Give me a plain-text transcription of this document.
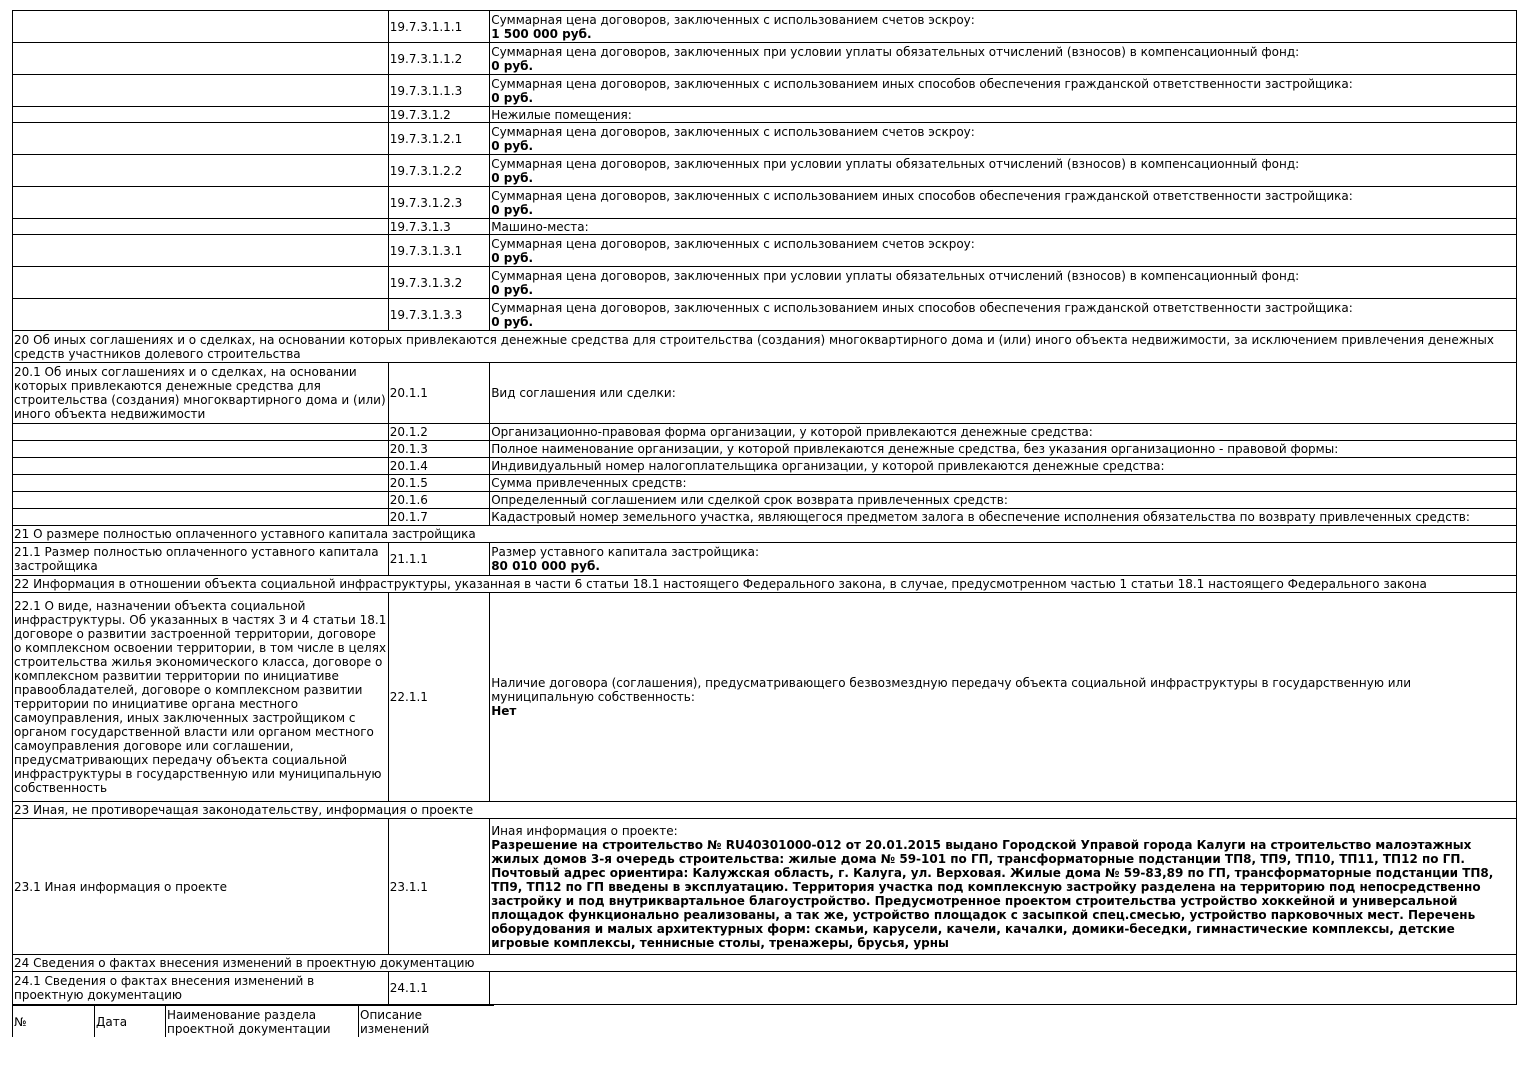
	19.7.3.1.1.1	Суммарная цена договоров, заключенных с использованием счетов эскроу:
1 500 000 руб.

	19.7.3.1.1.2	Суммарная цена договоров, заключенных при условии уплаты обязательных отчислений (взносов) в компенсационный фонд:
0 руб.

	19.7.3.1.1.3	Суммарная цена договоров, заключенных с использованием иных способов обеспечения гражданской ответственности застройщика:
0 руб.

	19.7.3.1.2	Нежилые помещения:

	19.7.3.1.2.1	Суммарная цена договоров, заключенных с использованием счетов эскроу:
0 руб.

	19.7.3.1.2.2	Суммарная цена договоров, заключенных при условии уплаты обязательных отчислений (взносов) в компенсационный фонд:
0 руб.

	19.7.3.1.2.3	Суммарная цена договоров, заключенных с использованием иных способов обеспечения гражданской ответственности застройщика:
0 руб.

	19.7.3.1.3	Машино-места:

	19.7.3.1.3.1	Суммарная цена договоров, заключенных с использованием счетов эскроу:
0 руб.

	19.7.3.1.3.2	Суммарная цена договоров, заключенных при условии уплаты обязательных отчислений (взносов) в компенсационный фонд:
0 руб.

	19.7.3.1.3.3	Суммарная цена договоров, заключенных с использованием иных способов обеспечения гражданской ответственности застройщика:
0 руб.

20 Об иных соглашениях и о сделках, на основании которых привлекаются денежные средства для строительства (создания) многоквартирного дома и (или) иного объекта недвижимости, за исключением привлечения денежных средств участников долевого строительства		
20.1 Об иных соглашениях и о сделках, на основании которых привлекаются денежные средства для строительства (создания) многоквартирного дома и (или) иного объекта недвижимости	20.1.1	Вид соглашения или сделки:
	20.1.2	Организационно-правовая форма организации, у которой привлекаются денежные средства:
	20.1.3	Полное наименование организации, у которой привлекаются денежные средства, без указания организационно - правовой формы:
	20.1.4	Индивидуальный номер налогоплательщика организации, у которой привлекаются денежные средства:
	20.1.5	Сумма привлеченных средств:
	20.1.6	Определенный соглашением или сделкой срок возврата привлеченных средств:
	20.1.7	Кадастровый номер земельного участка, являющегося предметом залога в обеспечение исполнения обязательства по возврату привлеченных средств:
21 О размере полностью оплаченного уставного капитала застройщика		
21.1 Размер полностью оплаченного уставного капитала застройщика	21.1.1	Размер уставного капитала застройщика:
80 010 000 руб.

22 Информация в отношении объекта социальной инфраструктуры, указанная в части 6 статьи 18.1 настоящего Федерального закона, в случае, предусмотренном частью 1 статьи 18.1 настоящего Федерального закона		
22.1 О виде, назначении объекта социальной инфраструктуры. Об указанных в частях 3 и 4 статьи 18.1 договоре о развитии застроенной территории, договоре о комплексном освоении территории, в том числе в целях строительства жилья экономического класса, договоре о комплексном развитии территории по инициативе правообладателей, договоре о комплексном развитии территории по инициативе органа местного самоуправления, иных заключенных застройщиком с органом государственной власти или органом местного самоуправления договоре или соглашении, предусматривающих передачу объекта социальной инфраструктуры в государственную или муниципальную собственность	22.1.1	Наличие договора (соглашения), предусматривающего безвозмездную передачу объекта социальной инфраструктуры в государственную или муниципальную собственность:
Нет

23 Иная, не противоречащая законодательству, информация о проекте		
23.1 Иная информация о проекте	23.1.1	Иная информация о проекте:
Разрешение на строительство № RU40301000-012 от 20.01.2015 выдано Городской Управой города Калуги на строительство малоэтажных жилых домов 3-я очередь строительства: жилые дома № 59-101 по ГП, трансформаторные подстанции ТП8, ТП9, ТП10, ТП11, ТП12 по ГП. Почтовый адрес ориентира: Калужская область, г. Калуга, ул. Верховая. Жилые дома № 59-83,89 по ГП, трансформаторные подстанции ТП8, ТП9, ТП12 по ГП введены в эксплуатацию. Территория участка под комплексную застройку разделена на территорию под непосредственно застройку и под внутриквартальное благоустройство. Предусмотренное проектом строительства устройство хоккейной и универсальной площадок функционально реализованы, а так же, устройство площадок с засыпкой спец.смесью, устройство парковочных мест. Перечень оборудования и малых архитектурных форм: скамьи, карусели, качели, качалки, домики-беседки, гимнастические комплексы, детские игровые комплексы, теннисные столы, тренажеры, брусья, урны

24 Сведения о фактах внесения изменений в проектную документацию		
24.1 Сведения о фактах внесения изменений в проектную документацию	24.1.1	
№	Дата	Наименование раздела проектной документации	Описание изменений
